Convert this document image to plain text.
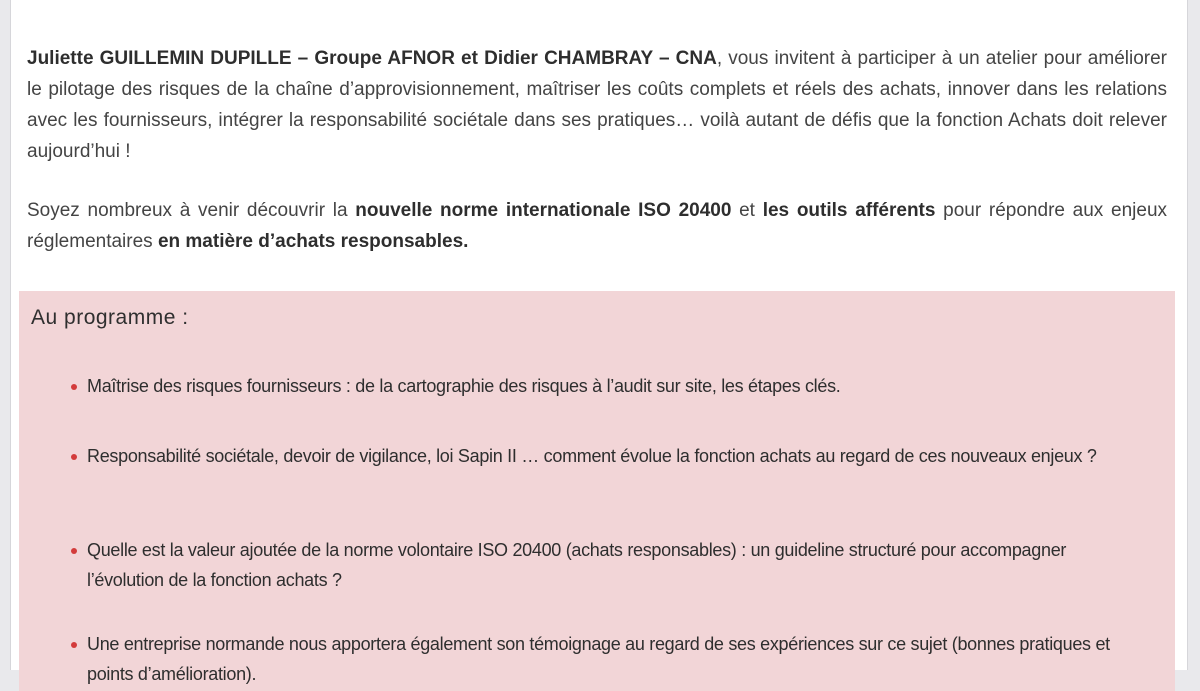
Juliette GUILLEMIN DUPILLE – Groupe AFNOR et Didier CHAMBRAY – CNA, vous invitent à participer à un atelier pour améliorer le pilotage des risques de la chaîne d’approvisionnement, maîtriser les coûts complets et réels des achats, innover dans les relations avec les fournisseurs, intégrer la responsabilité sociétale dans ses pratiques… voilà autant de défis que la fonction Achats doit relever aujourd’hui !

Soyez nombreux à venir découvrir la nouvelle norme internationale ISO 20400 et les outils afférents pour répondre aux enjeux réglementaires en matière d’achats responsables.

Au programme :
Maîtrise des risques fournisseurs : de la cartographie des risques à l’audit sur site, les étapes clés.
Responsabilité sociétale, devoir de vigilance, loi Sapin II … comment évolue la fonction achats au regard de ces nouveaux enjeux ?
Quelle est la valeur ajoutée de la norme volontaire ISO 20400 (achats responsables) : un guideline structuré pour accompagner l’évolution de la fonction achats ?
Une entreprise normande nous apportera également son témoignage au regard de ses expériences sur ce sujet (bonnes pratiques et points d’amélioration).
